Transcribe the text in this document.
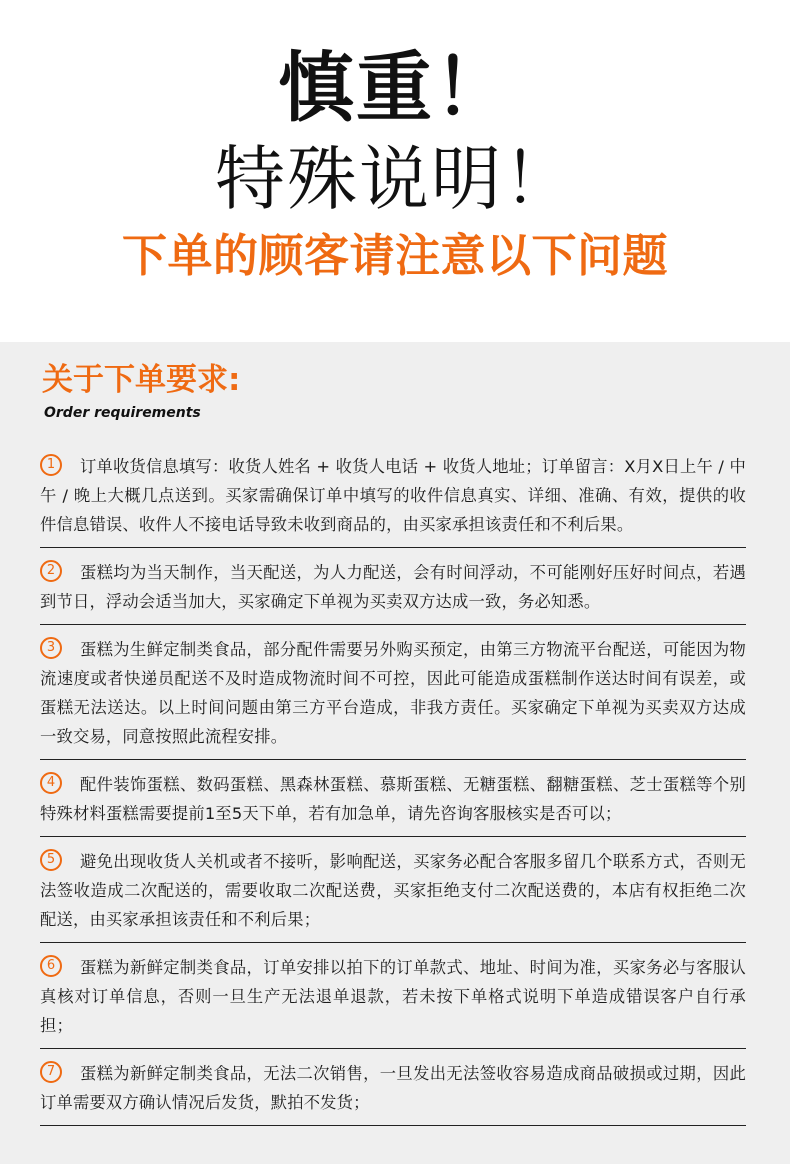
慎重！
特殊说明！
下单的顾客请注意以下问题
关于下单要求:

Order requirements

1	订单收货信息填写：收货人姓名 + 收货人电话 + 收货人地址；订单留言：X月X日上午 / 中午 / 晚上大概几点送到。买家需确保订单中填写的收件信息真实、详细、准确、有效，提供的收件信息错误、收件人不接电话导致未收到商品的，由买家承担该责任和不利后果。

2	蛋糕均为当天制作，当天配送，为人力配送，会有时间浮动，不可能刚好压好时间点，若遇到节日，浮动会适当加大，买家确定下单视为买卖双方达成一致，务必知悉。

3	蛋糕为生鲜定制类食品，部分配件需要另外购买预定，由第三方物流平台配送，可能因为物流速度或者快递员配送不及时造成物流时间不可控，因此可能造成蛋糕制作送达时间有误差，或蛋糕无法送达。以上时间问题由第三方平台造成，非我方责任。买家确定下单视为买卖双方达成一致交易，同意按照此流程安排。

4	配件装饰蛋糕、数码蛋糕、黑森林蛋糕、慕斯蛋糕、无糖蛋糕、翻糖蛋糕、芝士蛋糕等个别特殊材料蛋糕需要提前1至5天下单，若有加急单，请先咨询客服核实是否可以；

5	避免出现收货人关机或者不接听，影响配送，买家务必配合客服多留几个联系方式，否则无法签收造成二次配送的，需要收取二次配送费，买家拒绝支付二次配送费的，本店有权拒绝二次配送，由买家承担该责任和不利后果；

6	蛋糕为新鲜定制类食品，订单安排以拍下的订单款式、地址、时间为准，买家务必与客服认真核对订单信息，否则一旦生产无法退单退款，若未按下单格式说明下单造成错误客户自行承担；

7	蛋糕为新鲜定制类食品，无法二次销售，一旦发出无法签收容易造成商品破损或过期，因此订单需要双方确认情况后发货，默拍不发货；
